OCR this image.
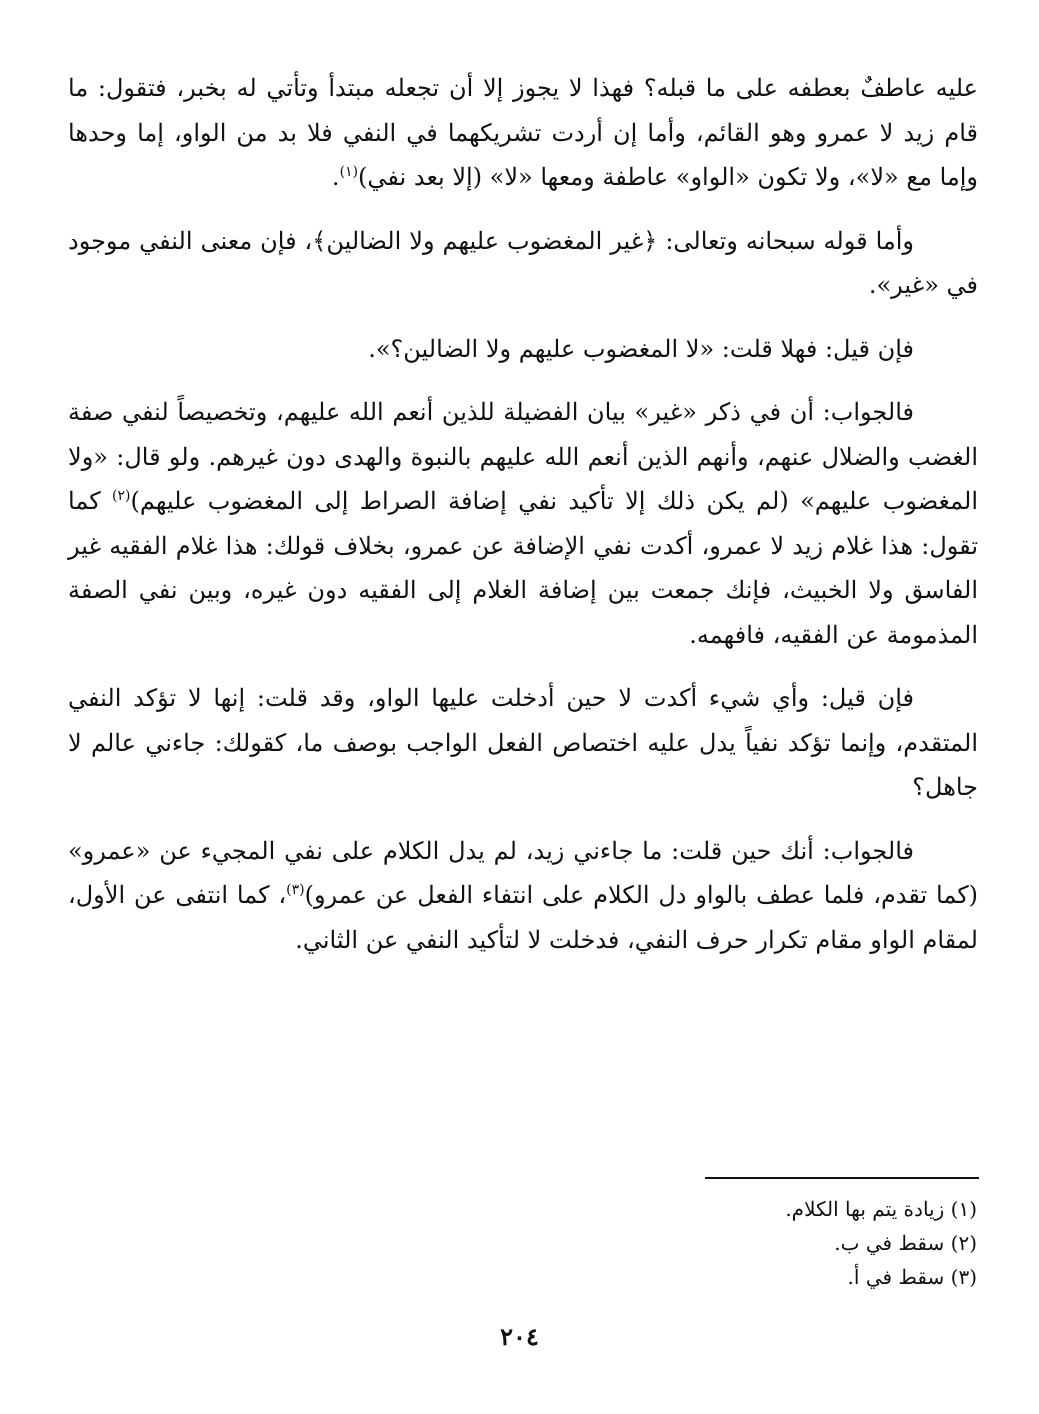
عليه عاطفٌ بعطفه على ما قبله؟ فهذا لا يجوز إلا أن تجعله مبتدأ وتأتي له بخبر، فتقول: ما قام زيد لا عمرو وهو القائم، وأما إن أردت تشريكهما في النفي فلا بد من الواو، إما وحدها وإما مع «لا»، ولا تكون «الواو» عاطفة ومعها «لا» (إلا بعد نفي)$^{(١)}$.

وأما قوله سبحانه وتعالى: ﴿غير المغضوب عليهم ولا الضالين﴾، فإن معنى النفي موجود في «غير».

فإن قيل: فهلا قلت: «لا المغضوب عليهم ولا الضالين؟».

فالجواب: أن في ذكر «غير» بيان الفضيلة للذين أنعم الله عليهم، وتخصيصاً لنفي صفة الغضب والضلال عنهم، وأنهم الذين أنعم الله عليهم بالنبوة والهدى دون غيرهم. ولو قال: «ولا المغضوب عليهم» (لم يكن ذلك إلا تأكيد نفي إضافة الصراط إلى المغضوب عليهم)$^{(٢)}$ كما تقول: هذا غلام زيد لا عمرو، أكدت نفي الإضافة عن عمرو، بخلاف قولك: هذا غلام الفقيه غير الفاسق ولا الخبيث، فإنك جمعت بين إضافة الغلام إلى الفقيه دون غيره، وبين نفي الصفة المذمومة عن الفقيه، فافهمه.

فإن قيل: وأي شيء أكدت لا حين أدخلت عليها الواو، وقد قلت: إنها لا تؤكد النفي المتقدم، وإنما تؤكد نفياً يدل عليه اختصاص الفعل الواجب بوصف ما، كقولك: جاءني عالم لا جاهل؟

فالجواب: أنك حين قلت: ما جاءني زيد، لم يدل الكلام على نفي المجيء عن «عمرو» (كما تقدم، فلما عطف بالواو دل الكلام على انتفاء الفعل عن عمرو)$^{(٣)}$، كما انتفى عن الأول، لمقام الواو مقام تكرار حرف النفي، فدخلت لا لتأكيد النفي عن الثاني.

(١) زيادة يتم بها الكلام.

(٢) سقط في ب.

(٣) سقط في أ.

٢٠٤
